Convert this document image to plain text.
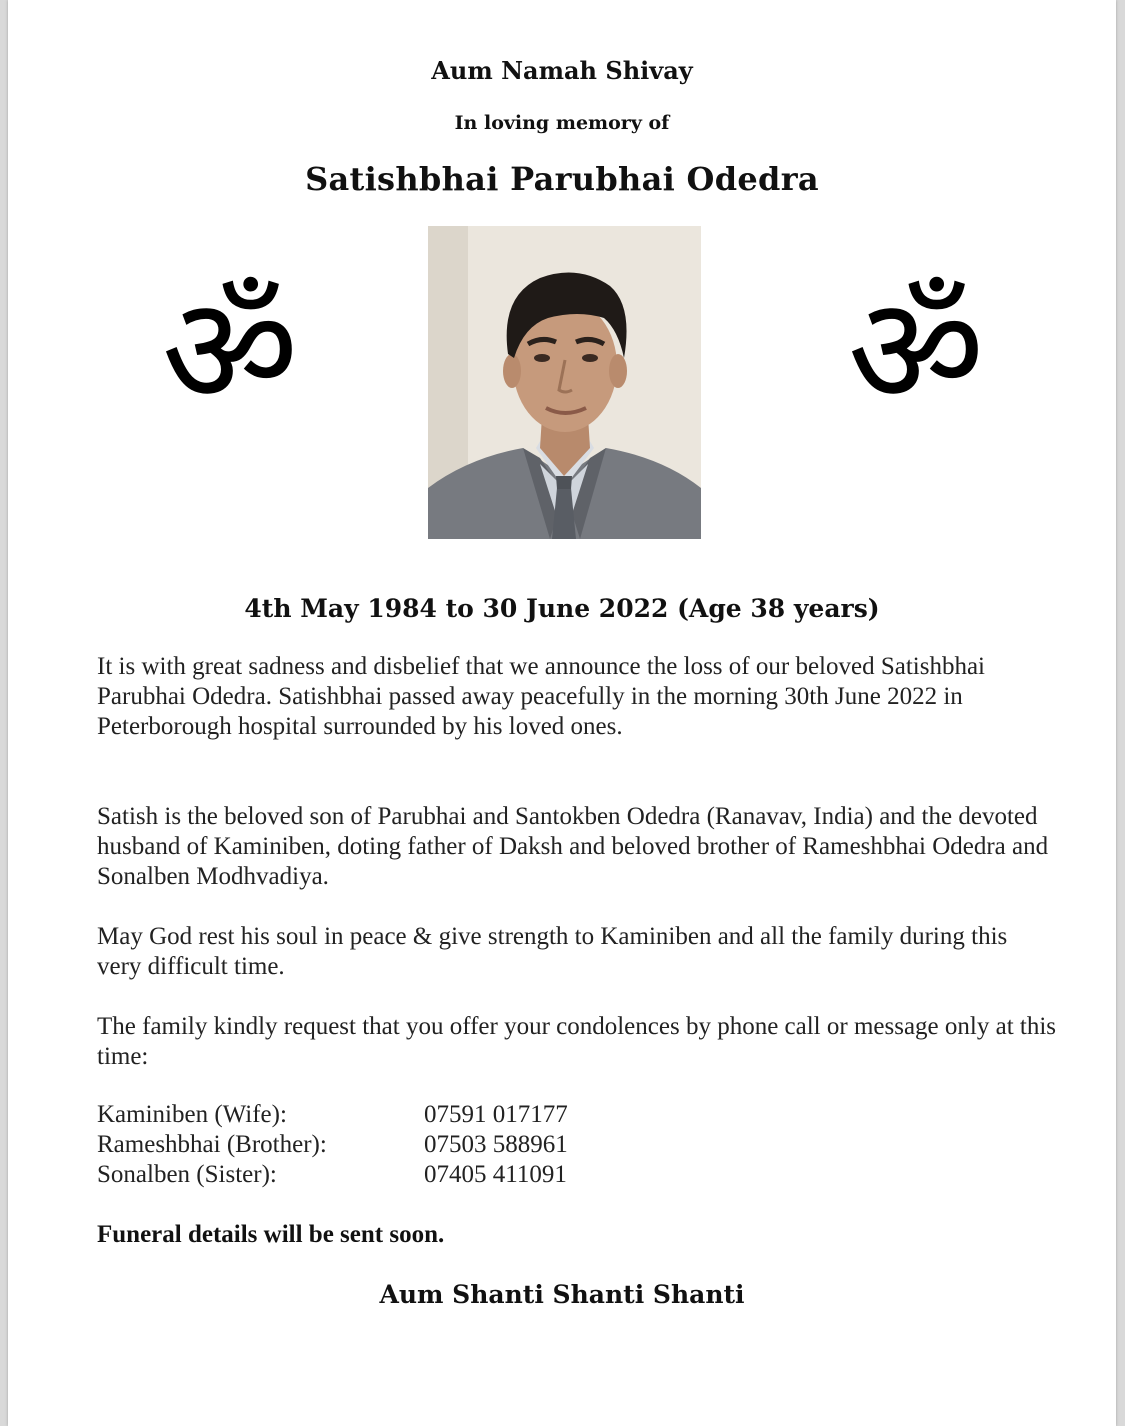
Aum Namah Shivay
In loving memory of
Satishbhai Parubhai Odedra
ॐ	ॐ
4th May 1984 to 30 June 2022 (Age 38 years)

It is with great sadness and disbelief that we announce the loss of our beloved Satishbhai Parubhai Odedra. Satishbhai passed away peacefully in the morning 30th June 2022 in Peterborough hospital surrounded by his loved ones.

Satish is the beloved son of Parubhai and Santokben Odedra (Ranavav, India) and the devoted husband of Kaminiben, doting father of Daksh and beloved brother of Rameshbhai Odedra and Sonalben Modhvadiya.

May God rest his soul in peace & give strength to Kaminiben and all the family during this very difficult time.

The family kindly request that you offer your condolences by phone call or message only at this time:

Kaminiben (Wife):	07591 017177
Rameshbhai (Brother):	07503 588961
Sonalben (Sister):	07405 411091
Funeral details will be sent soon.
Aum Shanti Shanti Shanti
